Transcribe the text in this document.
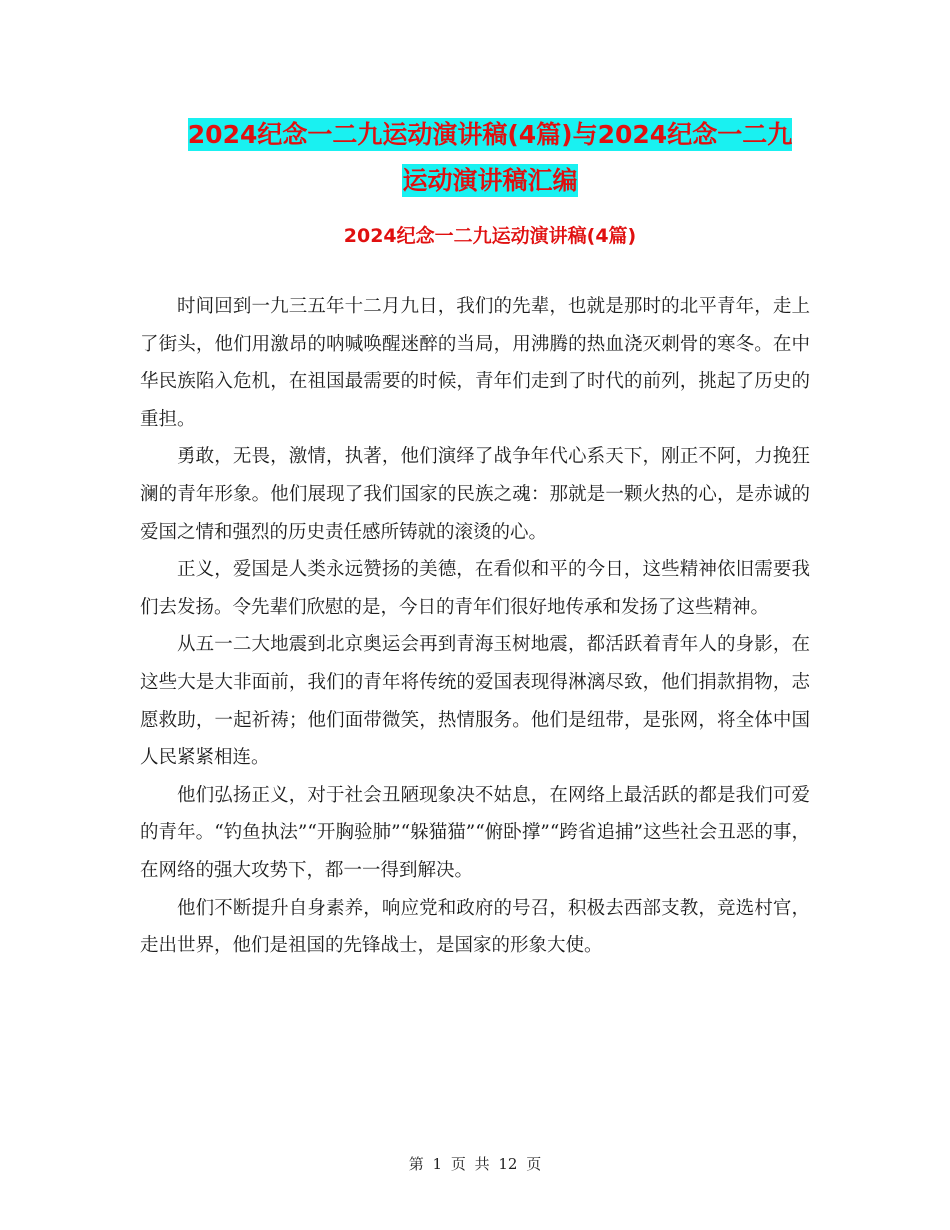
2024纪念一二九运动演讲稿(4篇)与2024纪念一二九
运动演讲稿汇编
2024纪念一二九运动演讲稿(4篇)

时间回到一九三五年十二月九日，我们的先辈，也就是那时的北平青年，走上了街头，他们用激昂的呐喊唤醒迷醉的当局，用沸腾的热血浇灭刺骨的寒冬。在中华民族陷入危机，在祖国最需要的时候，青年们走到了时代的前列，挑起了历史的重担。

勇敢，无畏，激情，执著，他们演绎了战争年代心系天下，刚正不阿，力挽狂澜的青年形象。他们展现了我们国家的民族之魂：那就是一颗火热的心，是赤诚的爱国之情和强烈的历史责任感所铸就的滚烫的心。

正义，爱国是人类永远赞扬的美德，在看似和平的今日，这些精神依旧需要我们去发扬。令先辈们欣慰的是，今日的青年们很好地传承和发扬了这些精神。

从五一二大地震到北京奥运会再到青海玉树地震，都活跃着青年人的身影，在这些大是大非面前，我们的青年将传统的爱国表现得淋漓尽致，他们捐款捐物，志愿救助，一起祈祷；他们面带微笑，热情服务。他们是纽带，是张网，将全体中国人民紧紧相连。

他们弘扬正义，对于社会丑陋现象决不姑息，在网络上最活跃的都是我们可爱的青年。“钓鱼执法”“开胸验肺”“躲猫猫”“俯卧撑”“跨省追捕”这些社会丑恶的事，在网络的强大攻势下，都一一得到解决。

他们不断提升自身素养，响应党和政府的号召，积极去西部支教，竞选村官，走出世界，他们是祖国的先锋战士，是国家的形象大使。

第 1 页 共 12 页
